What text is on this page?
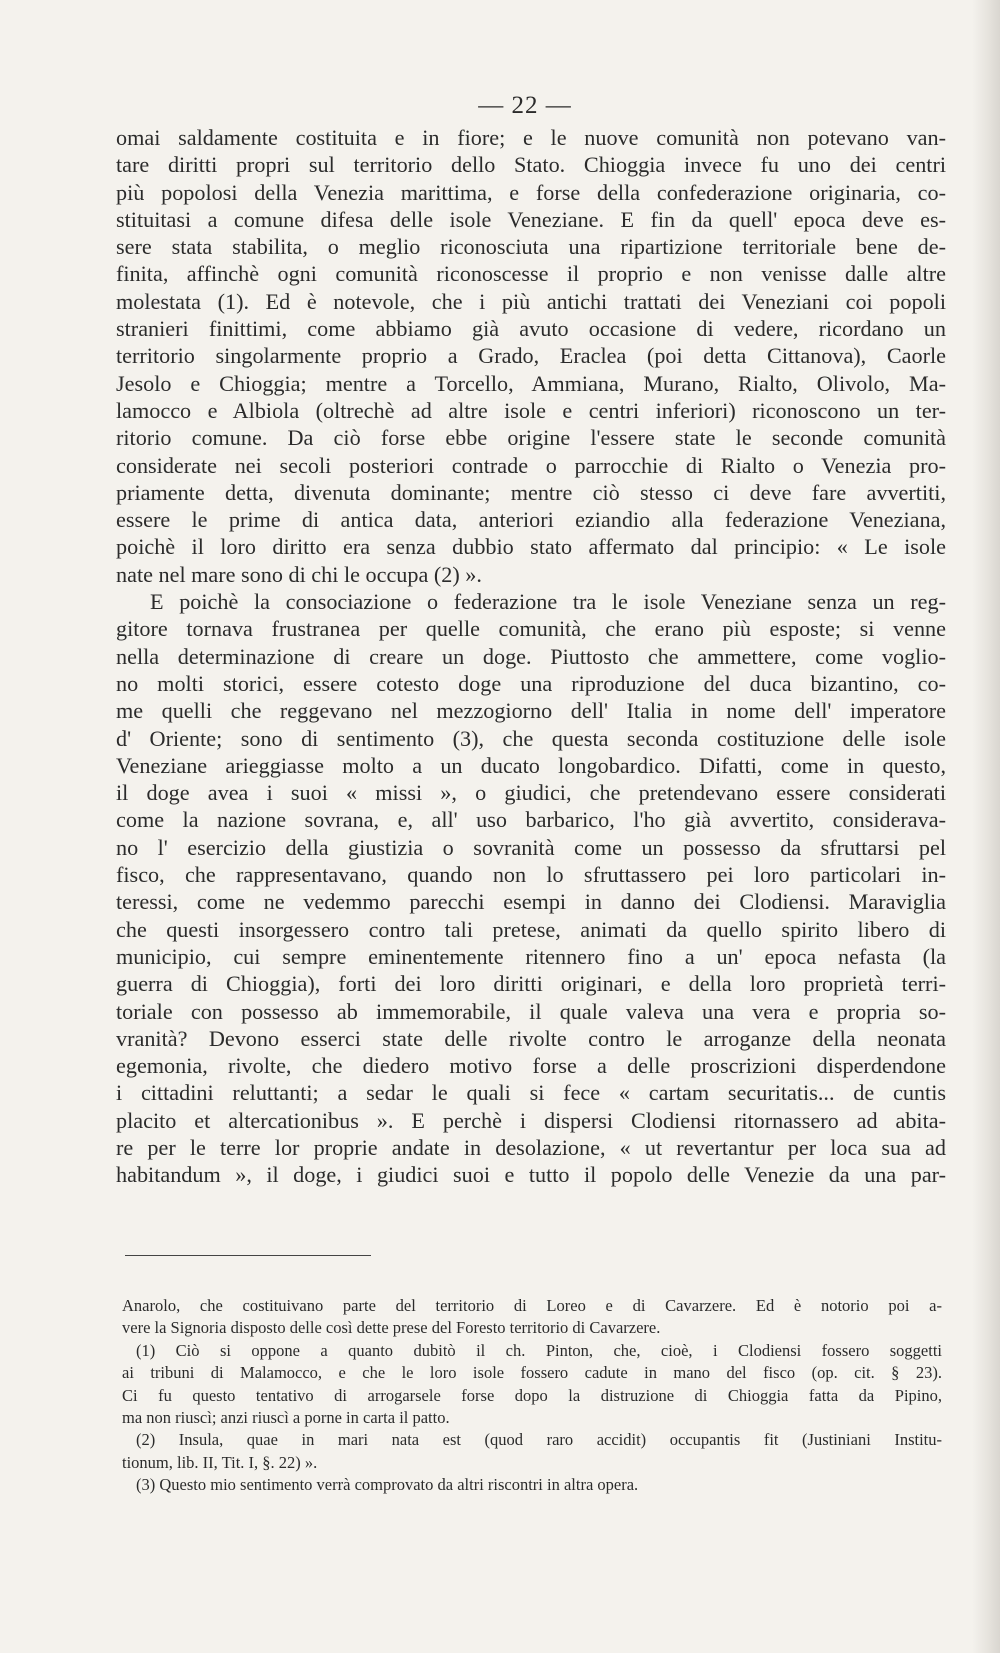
— 22 —
omai saldamente costituita e in fiore; e le nuove comunità non potevano van-
tare diritti propri sul territorio dello Stato. Chioggia invece fu uno dei centri
più popolosi della Venezia marittima, e forse della confederazione originaria, co-
stituitasi a comune difesa delle isole Veneziane. E fin da quell' epoca deve es-
sere stata stabilita, o meglio riconosciuta una ripartizione territoriale bene de-
finita, affinchè ogni comunità riconoscesse il proprio e non venisse dalle altre
molestata (1). Ed è notevole, che i più antichi trattati dei Veneziani coi popoli
stranieri finittimi, come abbiamo già avuto occasione di vedere, ricordano un
territorio singolarmente proprio a Grado, Eraclea (poi detta Cittanova), Caorle
Jesolo e Chioggia; mentre a Torcello, Ammiana, Murano, Rialto, Olivolo, Ma-
lamocco e Albiola (oltrechè ad altre isole e centri inferiori) riconoscono un ter-
ritorio comune. Da ciò forse ebbe origine l'essere state le seconde comunità
considerate nei secoli posteriori contrade o parrocchie di Rialto o Venezia pro-
priamente detta, divenuta dominante; mentre ciò stesso ci deve fare avvertiti,
essere le prime di antica data, anteriori eziandio alla federazione Veneziana,
poichè il loro diritto era senza dubbio stato affermato dal principio: « Le isole
nate nel mare sono di chi le occupa (2) ».
E poichè la consociazione o federazione tra le isole Veneziane senza un reg-
gitore tornava frustranea per quelle comunità, che erano più esposte; si venne
nella determinazione di creare un doge. Piuttosto che ammettere, come voglio-
no molti storici, essere cotesto doge una riproduzione del duca bizantino, co-
me quelli che reggevano nel mezzogiorno dell' Italia in nome dell' imperatore
d' Oriente; sono di sentimento (3), che questa seconda costituzione delle isole
Veneziane arieggiasse molto a un ducato longobardico. Difatti, come in questo,
il doge avea i suoi « missi », o giudici, che pretendevano essere considerati
come la nazione sovrana, e, all' uso barbarico, l'ho già avvertito, considerava-
no l' esercizio della giustizia o sovranità come un possesso da sfruttarsi pel
fisco, che rappresentavano, quando non lo sfruttassero pei loro particolari in-
teressi, come ne vedemmo parecchi esempi in danno dei Clodiensi. Maraviglia
che questi insorgessero contro tali pretese, animati da quello spirito libero di
municipio, cui sempre eminentemente ritennero fino a un' epoca nefasta (la
guerra di Chioggia), forti dei loro diritti originari, e della loro proprietà terri-
toriale con possesso ab immemorabile, il quale valeva una vera e propria so-
vranità? Devono esserci state delle rivolte contro le arroganze della neonata
egemonia, rivolte, che diedero motivo forse a delle proscrizioni disperdendone
i cittadini reluttanti; a sedar le quali si fece « cartam securitatis... de cuntis
placito et altercationibus ». E perchè i dispersi Clodiensi ritornassero ad abita-
re per le terre lor proprie andate in desolazione, « ut revertantur per loca sua ad
habitandum », il doge, i giudici suoi e tutto il popolo delle Venezie da una par-
Anarolo, che costituivano parte del territorio di Loreo e di Cavarzere. Ed è notorio poi a-
vere la Signoria disposto delle così dette prese del Foresto territorio di Cavarzere.
(1) Ciò si oppone a quanto dubitò il ch. Pinton, che, cioè, i Clodiensi fossero soggetti
ai tribuni di Malamocco, e che le loro isole fossero cadute in mano del fisco (op. cit. § 23).
Ci fu questo tentativo di arrogarsele forse dopo la distruzione di Chioggia fatta da Pipino,
ma non riuscì; anzi riuscì a porne in carta il patto.
(2) Insula, quae in mari nata est (quod raro accidit) occupantis fit (Justiniani Institu-
tionum, lib. II, Tit. I, §. 22) ».
(3) Questo mio sentimento verrà comprovato da altri riscontri in altra opera.
